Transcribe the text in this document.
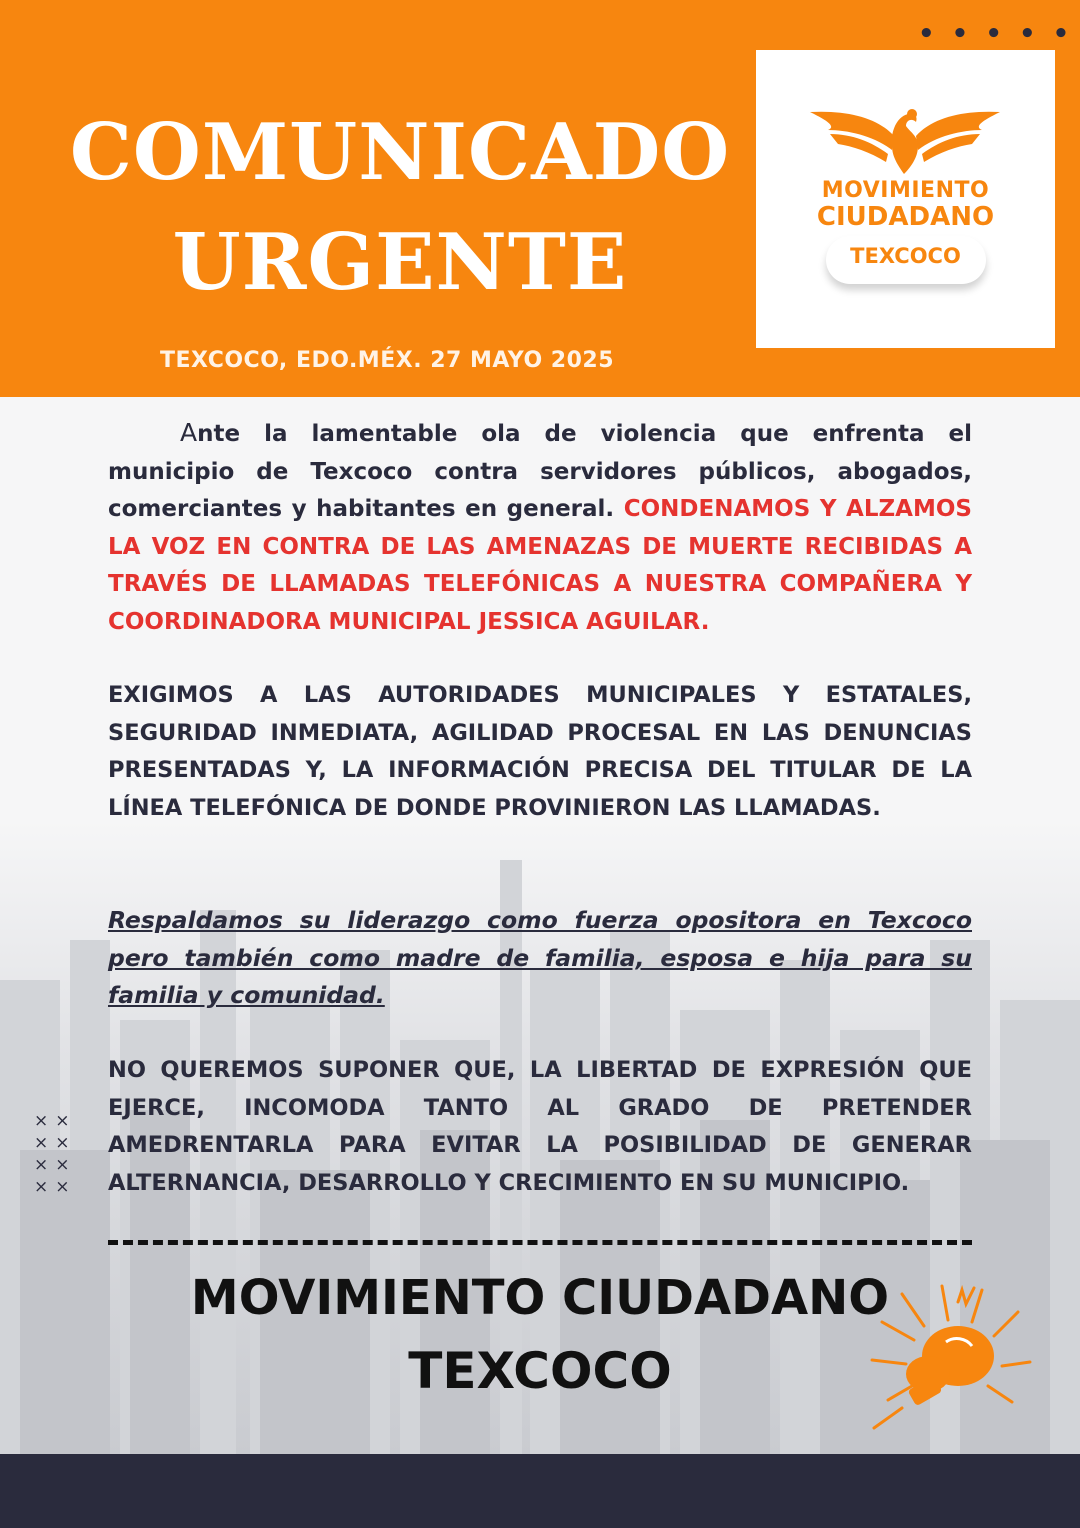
• • • • •
COMUNICADO
URGENTE
TEXCOCO, EDO.MÉX. 27 MAYO 2025
MOVIMIENTO
CIUDADANO
TEXCOCO
Ante la lamentable ola de violencia que enfrenta el municipio de Texcoco contra servidores públicos, abogados, comerciantes y habitantes en general. CONDENAMOS Y ALZAMOS LA VOZ EN CONTRA DE LAS AMENAZAS DE MUERTE RECIBIDAS A TRAVÉS DE LLAMADAS TELEFÓNICAS A NUESTRA COMPAÑERA Y COORDINADORA MUNICIPAL JESSICA AGUILAR.
EXIGIMOS A LAS AUTORIDADES MUNICIPALES Y ESTATALES, SEGURIDAD INMEDIATA, AGILIDAD PROCESAL EN LAS DENUNCIAS PRESENTADAS Y, LA INFORMACIÓN PRECISA DEL TITULAR DE LA LÍNEA TELEFÓNICA DE DONDE PROVINIERON LAS LLAMADAS.
Respaldamos su liderazgo como fuerza opositora en Texcoco pero también como madre de familia, esposa e hija para su familia y comunidad.
××
××
××
××
NO QUEREMOS SUPONER QUE, LA LIBERTAD DE EXPRESIÓN QUE EJERCE, INCOMODA TANTO AL GRADO DE PRETENDER AMEDRENTARLA PARA EVITAR LA POSIBILIDAD DE GENERAR ALTERNANCIA, DESARROLLO Y CRECIMIENTO EN SU MUNICIPIO.
MOVIMIENTO CIUDADANO
TEXCOCO
